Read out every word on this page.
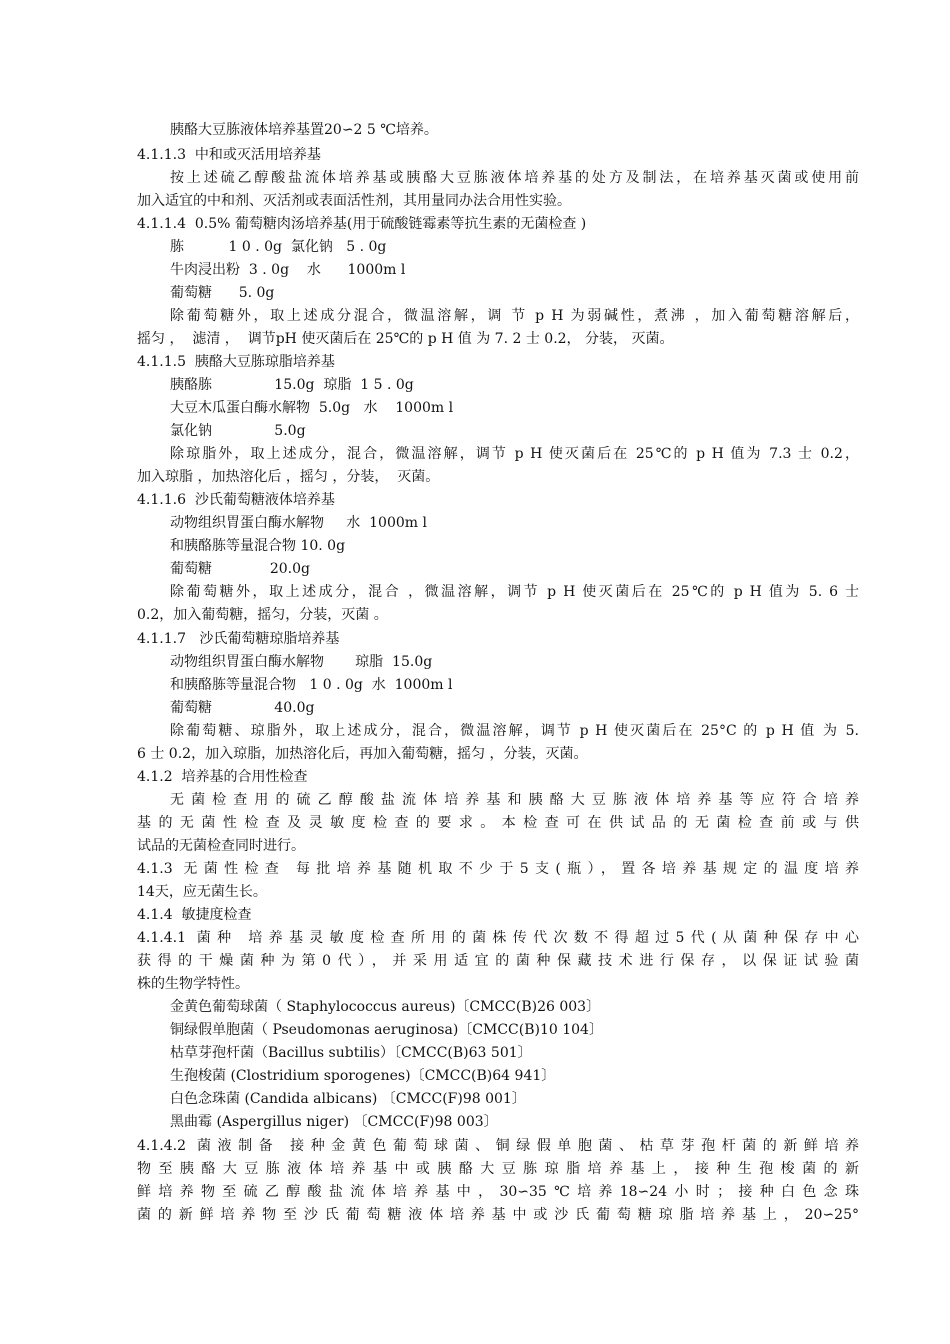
胰酪大豆胨液体培养基置20∽2 5 ℃培养。
4.1.1.3  中和或灭活用培养基
按上述硫乙醇酸盐流体培养基或胰酪大豆胨液体培养基的处方及制法，在培养基灭菌或使用前
加入适宜的中和剂、灭活剂或表面活性剂，其用量同办法合用性实验。
4.1.1.4  0.5% 葡萄糖肉汤培养基(用于硫酸链霉素等抗生素的无菌检查 )
胨          1 0 . 0g  氯化钠   5 . 0g
牛肉浸出粉  3 . 0g    水      1000m l
葡萄糖      5. 0g
除葡萄糖外，取上述成分混合，微温溶解，调 节 p H 为弱碱性，煮沸 ，加入葡萄糖溶解后，
摇匀 ，  滤清 ，  调节pH 使灭菌后在 25℃的 p H 值 为 7. 2 士 0.2， 分装， 灭菌。
4.1.1.5  胰酪大豆胨琼脂培养基
胰酪胨              15.0g  琼脂  1 5 . 0g
大豆木瓜蛋白酶水解物  5.0g   水    1000m l
氯化钠              5.0g
除琼脂外，取上述成分，混合，微温溶解，调节 p H 使灭菌后在 25℃的 p H 值为 7.3 士 0.2，
加入琼脂 ，加热溶化后 ，摇匀 ，分装，  灭菌。
4.1.1.6  沙氏葡萄糖液体培养基
动物组织胃蛋白酶水解物     水  1000m l
和胰酪胨等量混合物 10. 0g
葡萄糖             20.0g
除葡萄糖外，取上述成分，混合 ，微温溶解，调节 p H 使灭菌后在 25℃的 p H 值为 5. 6 士
0.2，加入葡萄糖，摇匀，分装，灭菌 。
4.1.1.7   沙氏葡萄糖琼脂培养基
动物组织胃蛋白酶水解物       琼脂  15.0g
和胰酪胨等量混合物   1 0 . 0g  水  1000m l
葡萄糖              40.0g
除葡萄糖、琼脂外，取上述成分，混合，微温溶解，调节 p H 使灭菌后在 25°C 的 p H 值 为 5.
6 士 0.2，加入琼脂，加热溶化后，再加入葡萄糖，摇匀 ，分装，灭菌。
4.1.2  培养基的合用性检查
无菌检查用的硫乙醇酸盐流体培养基和胰酪大豆胨液体培养基等应符合培养
基的无菌性检查及灵敏度检查的要求。本检查可在供试品的无菌检查前或与供
试品的无菌检查同时进行。
4.1.3 无菌性检查 每批培养基随机取不少于5支(瓶），置各培养基规定的温度培养
14天，应无菌生长。
4.1.4  敏捷度检查
4.1.4.1 菌种 培养基灵敏度检查所用的菌株传代次数不得超过5代(从菌种保存中心
获得的干燥菌种为第0代），并采用适宜的菌种保藏技术进行保存，以保证试验菌
株的生物学特性。
金黄色葡萄球菌（ Staphylococcus aureus)〔CMCC(B)26 003〕
铜绿假单胞菌（ Pseudomonas aeruginosa)〔CMCC(B)10 104〕
枯草芽孢杆菌（Bacillus subtilis）〔CMCC(B)63 501〕
生孢梭菌 (Clostridium sporogenes)〔CMCC(B)64 941〕
白色念珠菌 (Candida albicans) 〔CMCC(F)98 001〕
黑曲霉 (Aspergillus niger) 〔CMCC(F)98 003〕
4.1.4.2 菌液制备 接种金黄色葡萄球菌、铜绿假单胞菌、枯草芽孢杆菌的新鲜培养
物至胰酪大豆胨液体培养基中或胰酪大豆胨琼脂培养基上，接种生孢梭菌的新
鲜培养物至硫乙醇酸盐流体培养基中，30∽35℃培养18∽24小时；接种白色念珠
菌的新鲜培养物至沙氏葡萄糖液体培养基中或沙氏葡萄糖琼脂培养基上，20∽25°
